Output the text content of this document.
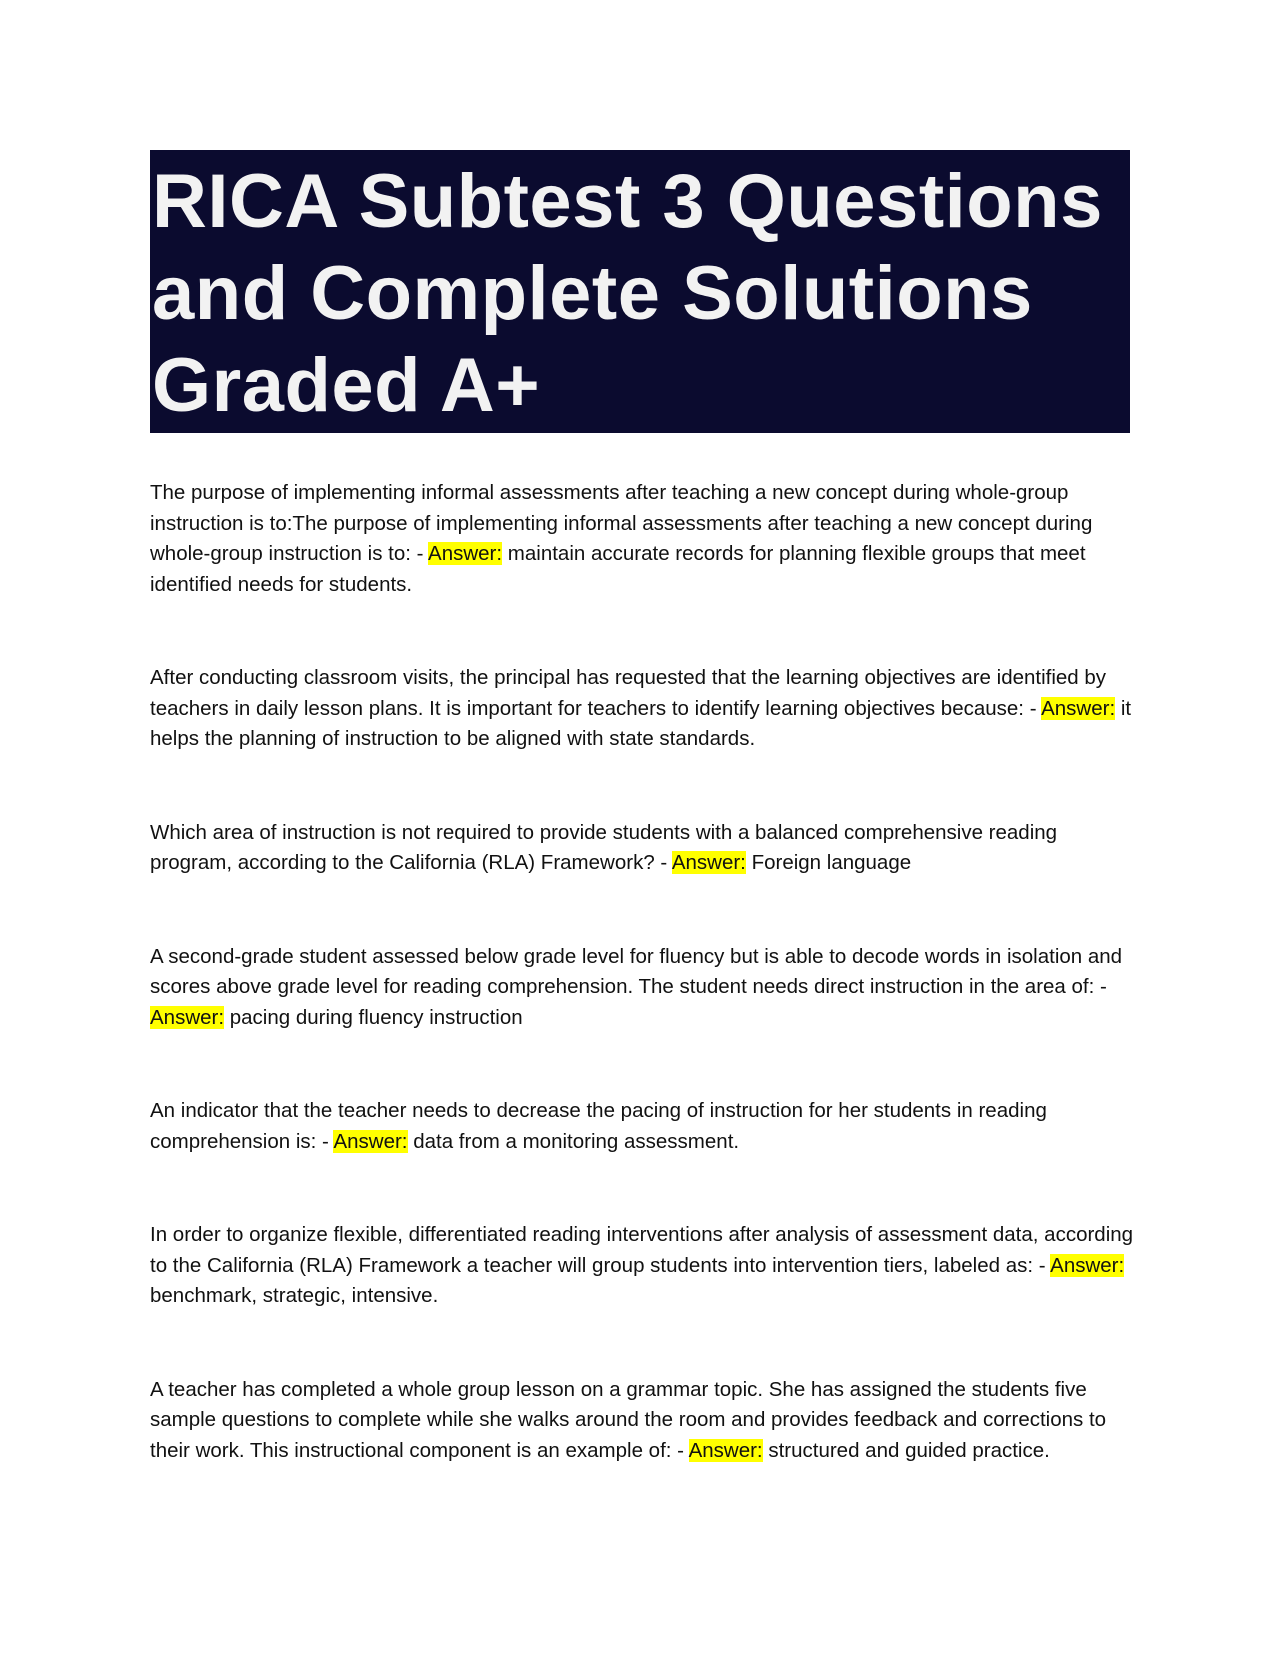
RICA Subtest 3 Questions and Complete Solutions Graded A+

The purpose of implementing informal assessments after teaching a new concept during whole-group instruction is to:The purpose of implementing informal assessments after teaching a new concept during whole-group instruction is to: - Answer: maintain accurate records for planning flexible groups that meet identified needs for students.

After conducting classroom visits, the principal has requested that the learning objectives are identified by teachers in daily lesson plans. It is important for teachers to identify learning objectives because: - Answer: it helps the planning of instruction to be aligned with state standards.

Which area of instruction is not required to provide students with a balanced comprehensive reading program, according to the California (RLA) Framework? - Answer: Foreign language

A second-grade student assessed below grade level for fluency but is able to decode words in isolation and scores above grade level for reading comprehension. The student needs direct instruction in the area of: - Answer: pacing during fluency instruction

An indicator that the teacher needs to decrease the pacing of instruction for her students in reading comprehension is: - Answer: data from a monitoring assessment.

In order to organize flexible, differentiated reading interventions after analysis of assessment data, according to the California (RLA) Framework a teacher will group students into intervention tiers, labeled as: - Answer: benchmark, strategic, intensive.

A teacher has completed a whole group lesson on a grammar topic. She has assigned the students five sample questions to complete while she walks around the room and provides feedback and corrections to their work. This instructional component is an example of: - Answer: structured and guided practice.
